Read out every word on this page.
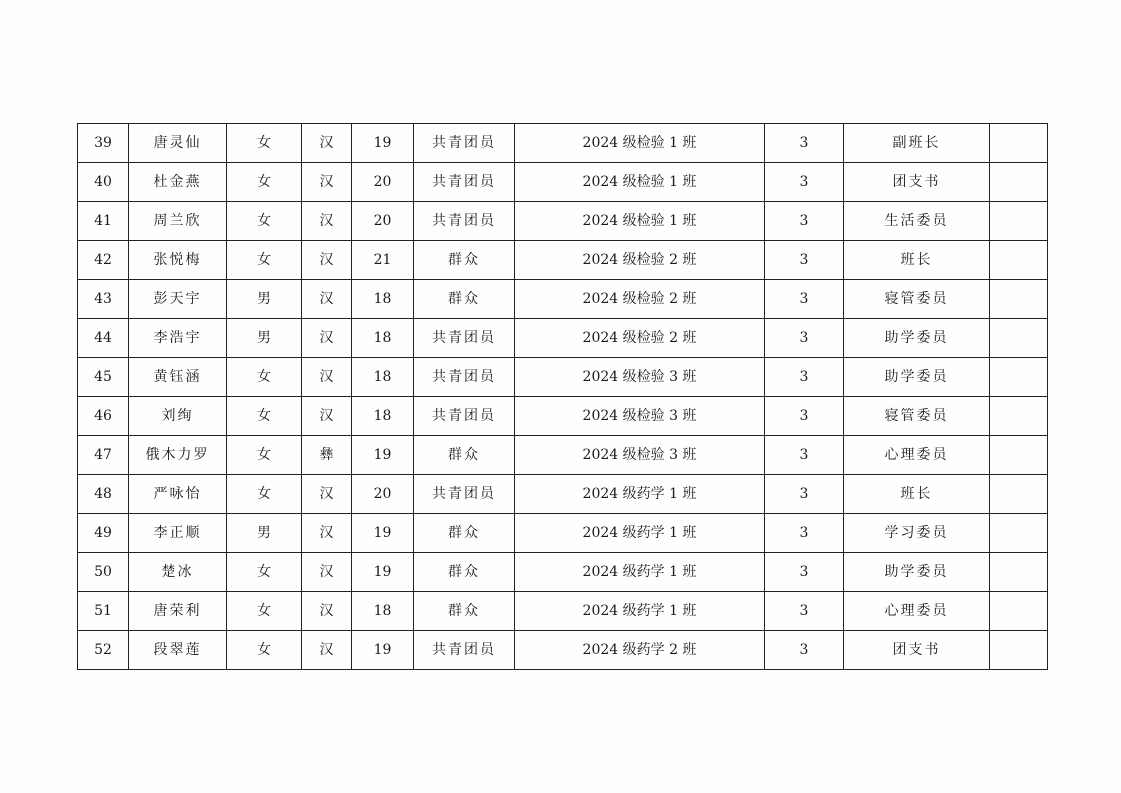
39	唐灵仙	女	汉	19	共青团员	2024 级检验 1 班	3	副班长	
40	杜金燕	女	汉	20	共青团员	2024 级检验 1 班	3	团支书	
41	周兰欣	女	汉	20	共青团员	2024 级检验 1 班	3	生活委员	
42	张悦梅	女	汉	21	群众	2024 级检验 2 班	3	班长	
43	彭天宇	男	汉	18	群众	2024 级检验 2 班	3	寝管委员	
44	李浩宇	男	汉	18	共青团员	2024 级检验 2 班	3	助学委员	
45	黄钰涵	女	汉	18	共青团员	2024 级检验 3 班	3	助学委员	
46	刘绚	女	汉	18	共青团员	2024 级检验 3 班	3	寝管委员	
47	俄木力罗	女	彝	19	群众	2024 级检验 3 班	3	心理委员	
48	严咏怡	女	汉	20	共青团员	2024 级药学 1 班	3	班长	
49	李正顺	男	汉	19	群众	2024 级药学 1 班	3	学习委员	
50	楚冰	女	汉	19	群众	2024 级药学 1 班	3	助学委员	
51	唐荣利	女	汉	18	群众	2024 级药学 1 班	3	心理委员	
52	段翠莲	女	汉	19	共青团员	2024 级药学 2 班	3	团支书	
